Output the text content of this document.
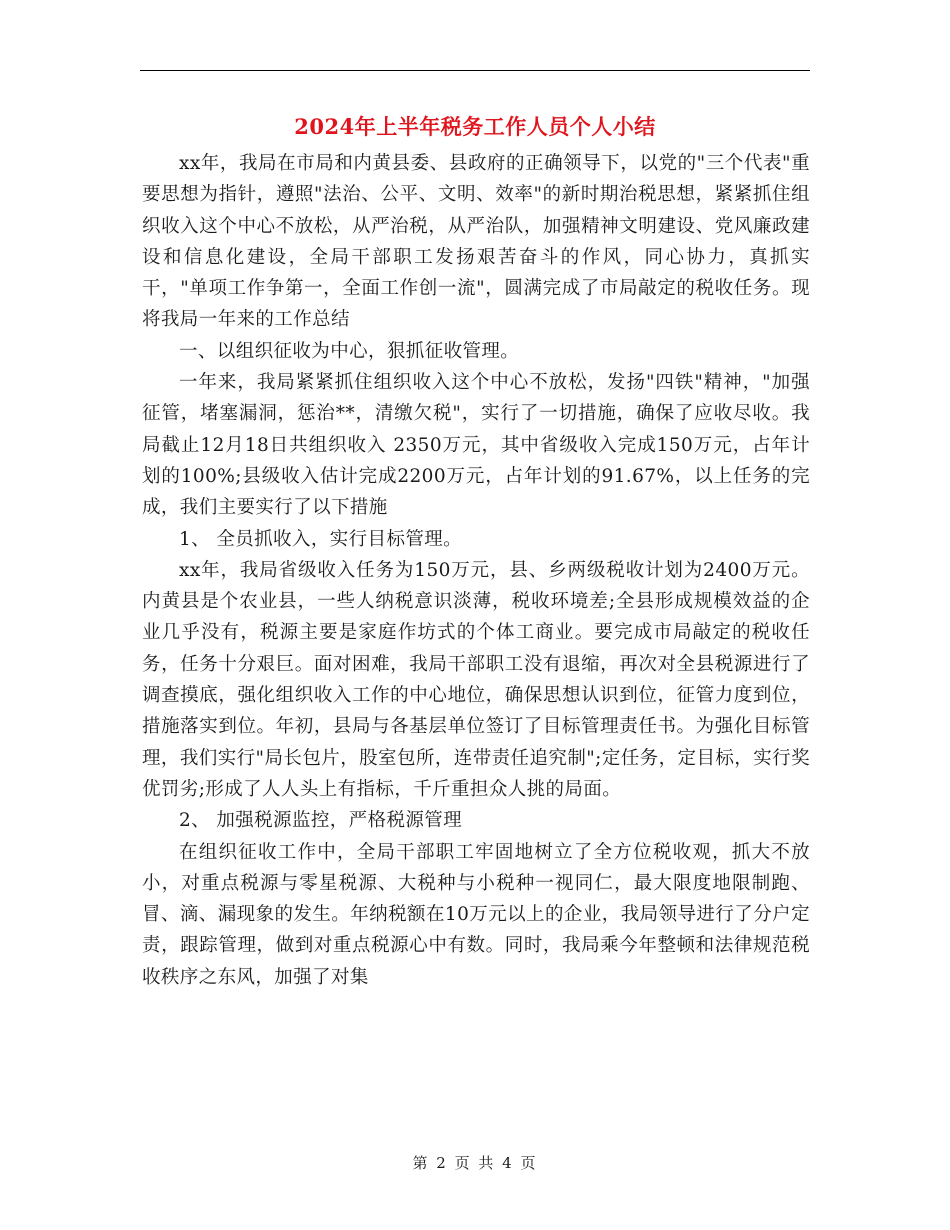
2024年上半年税务工作人员个人小结

xx年，我局在市局和内黄县委、县政府的正确领导下，以党的"三个代表"重要思想为指针，遵照"法治、公平、文明、效率"的新时期治税思想，紧紧抓住组织收入这个中心不放松，从严治税，从严治队，加强精神文明建设、党风廉政建设和信息化建设，全局干部职工发扬艰苦奋斗的作风，同心协力，真抓实干，"单项工作争第一，全面工作创一流"，圆满完成了市局敲定的税收任务。现将我局一年来的工作总结

一、以组织征收为中心，狠抓征收管理。

一年来，我局紧紧抓住组织收入这个中心不放松，发扬"四铁"精神，"加强征管，堵塞漏洞，惩治**，清缴欠税"，实行了一切措施，确保了应收尽收。我局截止12月18日共组织收入 2350万元，其中省级收入完成150万元，占年计划的100%;县级收入估计完成2200万元，占年计划的91.67%，以上任务的完成，我们主要实行了以下措施

1、 全员抓收入，实行目标管理。

xx年，我局省级收入任务为150万元，县、乡两级税收计划为2400万元。内黄县是个农业县，一些人纳税意识淡薄，税收环境差;全县形成规模效益的企业几乎没有，税源主要是家庭作坊式的个体工商业。要完成市局敲定的税收任务，任务十分艰巨。面对困难，我局干部职工没有退缩，再次对全县税源进行了调查摸底，强化组织收入工作的中心地位，确保思想认识到位，征管力度到位，措施落实到位。年初，县局与各基层单位签订了目标管理责任书。为强化目标管理，我们实行"局长包片，股室包所，连带责任追究制";定任务，定目标，实行奖优罚劣;形成了人人头上有指标，千斤重担众人挑的局面。

2、 加强税源监控，严格税源管理

在组织征收工作中，全局干部职工牢固地树立了全方位税收观，抓大不放小，对重点税源与零星税源、大税种与小税种一视同仁，最大限度地限制跑、冒、滴、漏现象的发生。年纳税额在10万元以上的企业，我局领导进行了分户定责，跟踪管理，做到对重点税源心中有数。同时，我局乘今年整顿和法律规范税收秩序之东风，加强了对集

第 2 页 共 4 页
